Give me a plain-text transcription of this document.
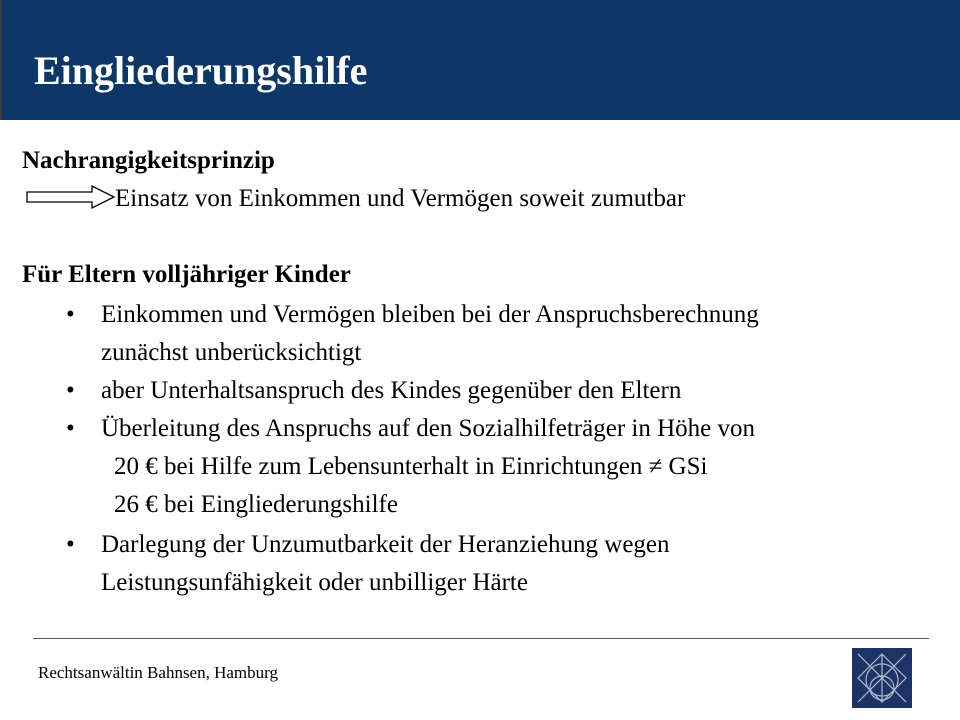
Eingliederungshilfe
Nachrangigkeitsprinzip
Einsatz von Einkommen und Vermögen soweit zumutbar
Für Eltern volljähriger Kinder
• Einkommen und Vermögen bleiben bei der Anspruchsberechnung
zunächst unberücksichtigt
• aber Unterhaltsanspruch des Kindes gegenüber den Eltern
• Überleitung des Anspruchs auf den Sozialhilfeträger in Höhe von
20 € bei Hilfe zum Lebensunterhalt in Einrichtungen ≠ GSi
26 € bei Eingliederungshilfe
• Darlegung der Unzumutbarkeit der Heranziehung wegen
Leistungsunfähigkeit oder unbilliger Härte
Rechtsanwältin Bahnsen, Hamburg
